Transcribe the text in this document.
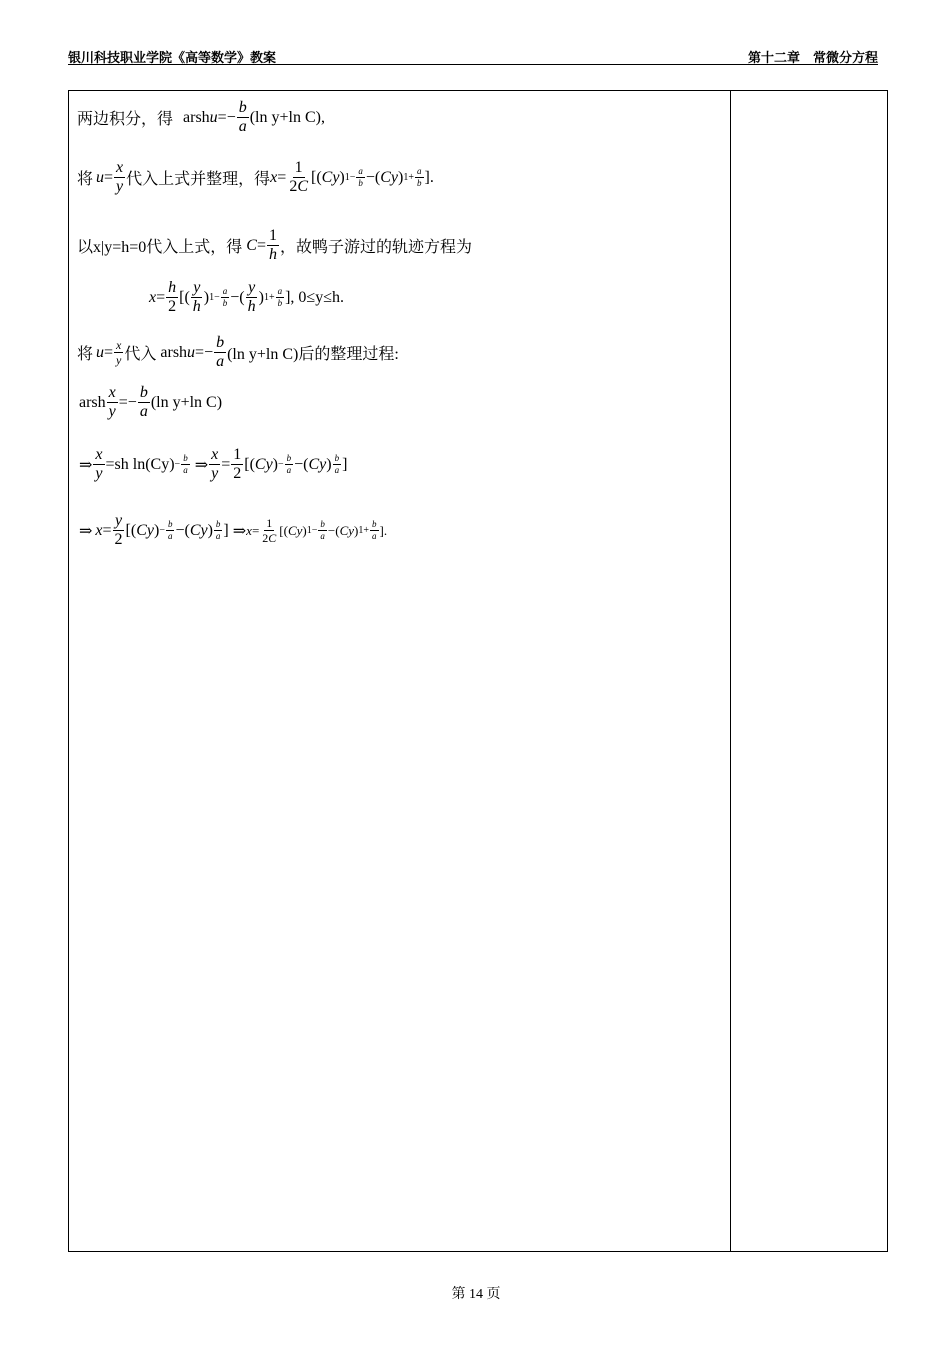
银川科技职业学院《高等数学》教案	第十二章　常微分方程
两边积分，得 arshu=− $\frac{b}{a} (\ln$ y+ln C),
将 $u = \frac{x}{y}$ 代入上式并整理，得 $x = \frac{1}{2C} [(Cy)$ $1- \frac{a}{b} -(Cy)$ $1+ \frac{a}{b}$ ].
以x|y=h=0代入上式，得 $C = \frac{1}{h}$ ，故鸭子游过的轨迹方程为
$x = \frac{h}{2}$ [( $\frac{y}{h}$ ) $1- \frac{a}{b}$ −( $\frac{y}{h}$ ) $1+ \frac{a}{b}$ ] , 0≤y≤h.
将 $u = \frac{x}{y}$ 代入 arshu=− $\frac{b}{a} (\ln$ y+ln C)后的整理过程:
arsh $\frac{x}{y} =- \frac{b}{a} (\ln$ y+ln C)
⇒ $\frac{x}{y} =sh$ $\ln(Cy) - \frac{b}{a}$ ⇒ $\frac{x}{y} = \frac{1}{2} [(Cy) - \frac{b}{a} -(Cy) \frac{b}{a}$ ]
⇒ $x = \frac{y}{2} [(Cy) - \frac{b}{a} -(Cy) \frac{b}{a}$ ] ⇒ $x = \frac{1}{2C} [(Cy)$ $1- \frac{b}{a} -(Cy)$ $1+ \frac{b}{a}$ ].
第 14 页
